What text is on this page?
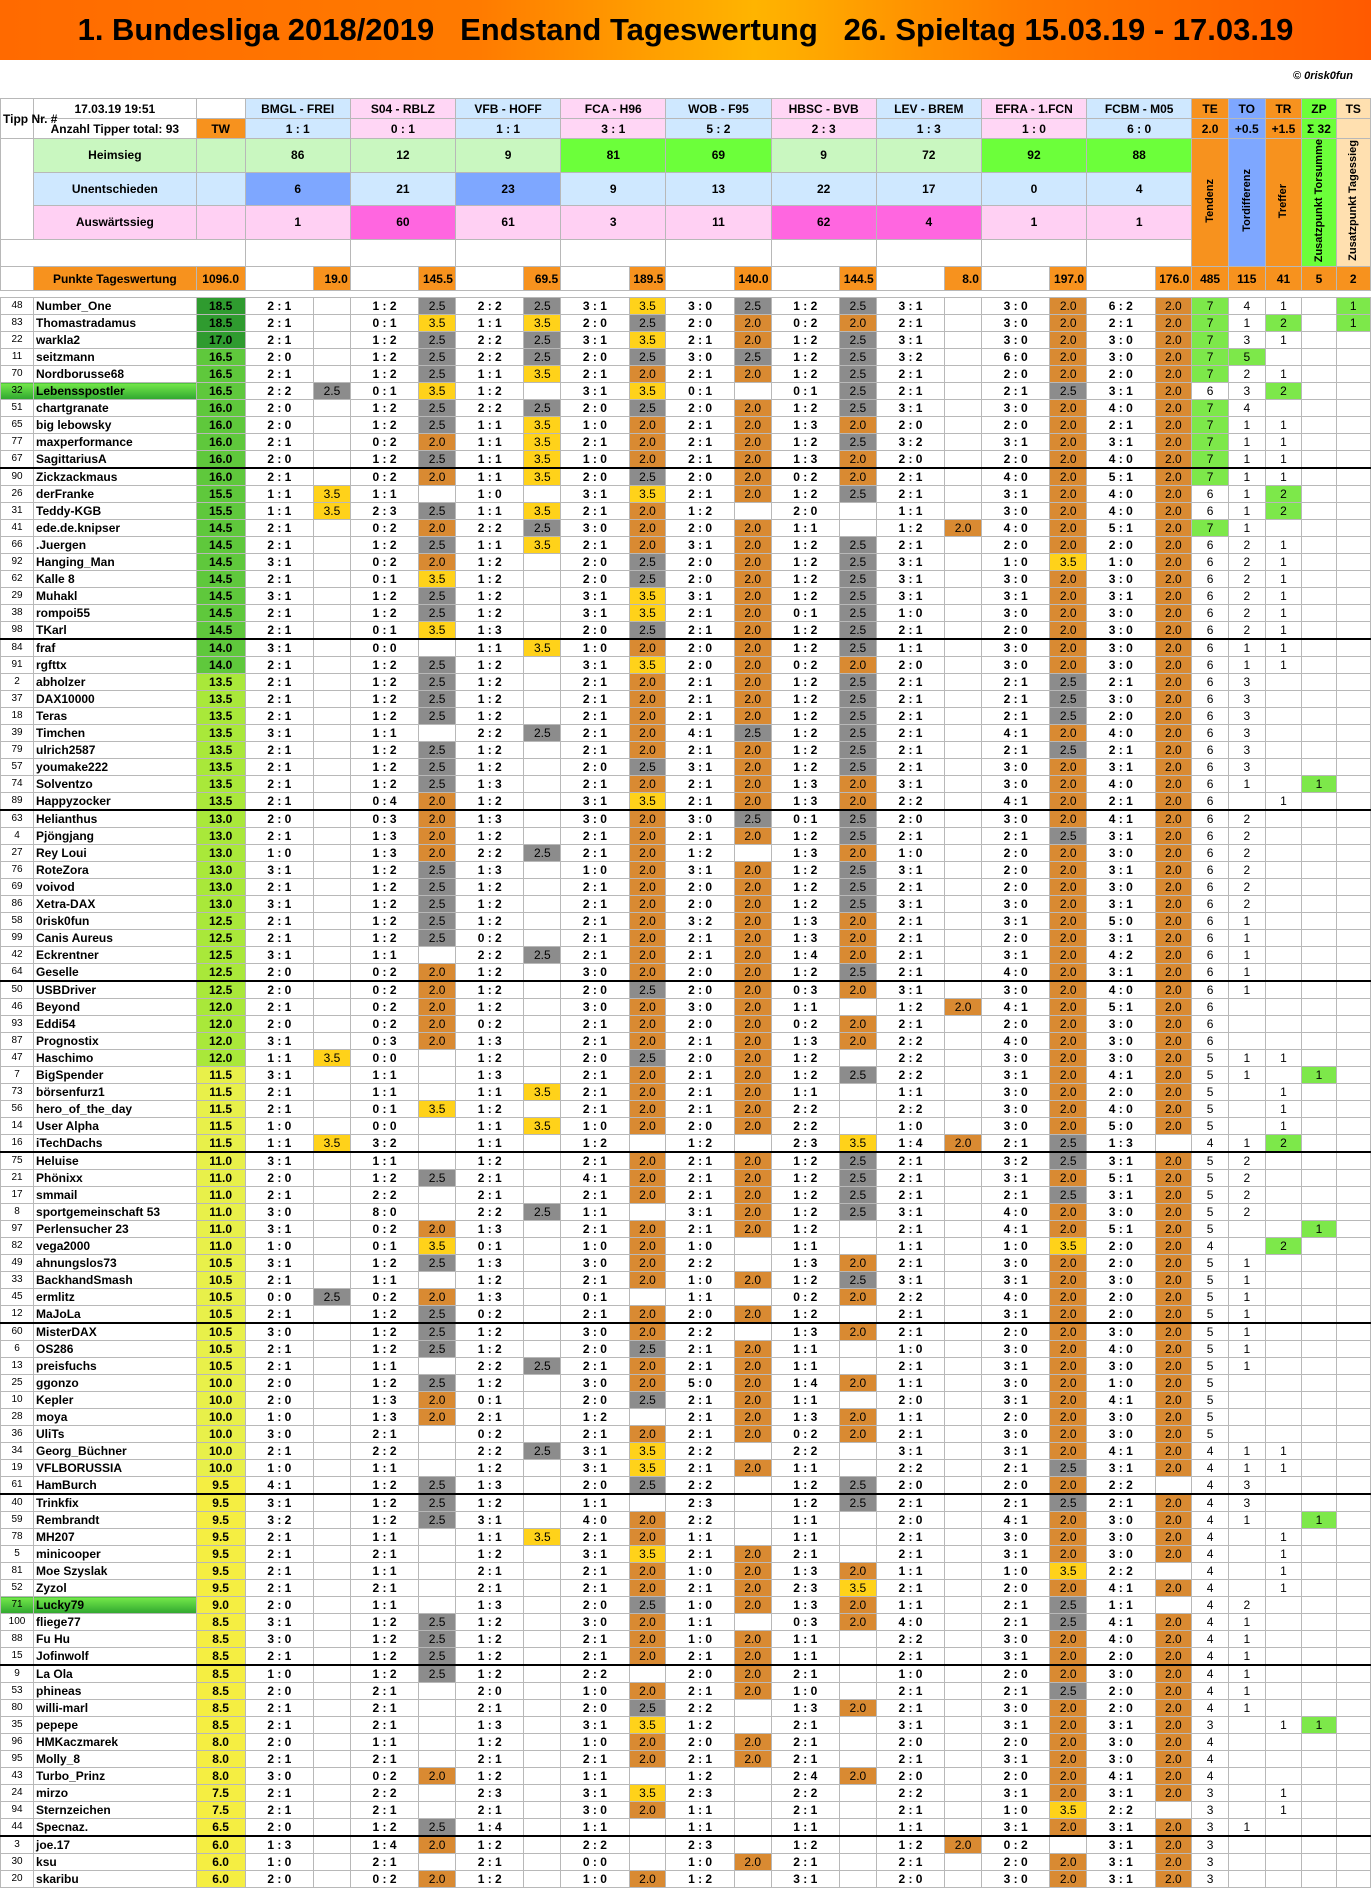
1. Bundesliga 2018/2019   Endstand Tageswertung   26. Spieltag 15.03.19 - 17.03.19
© 0risk0fun
Tipp Nr. #	17.03.19 19:51		BMGL - FREI		S04 - RBLZ		VFB - HOFF		FCA - H96		WOB - F95		HBSC - BVB		LEV - BREM		EFRA - 1.FCN		FCBM - M05		TE	TO	TR	ZP	TS
	Anzahl Tipper total: 93	TW	1 : 1		0 : 1		1 : 1		3 : 1		5 : 2		2 : 3		1 : 3		1 : 0		6 : 0		2.0	+0.5	+1.5	Σ 32	
	Heimsieg		86		12		9		81		69		9		72		92		88		Tendenz	Tordifferenz	Treffer	Zusatzpunkt Torsumme	Zusatzpunkt Tagessieg
	Unentschieden		6		21		23		9		13		22		17		0		4						
	Auswärtssieg		1		60		61		3		11		62		4		1		1						

	Punkte Tageswertung	1096.0		19.0		145.5		69.5		189.5		140.0		144.5		8.0		197.0		176.0	485	115	41	5	2

48	Number_One	18.5	2 : 1		1 : 2	2.5	2 : 2	2.5	3 : 1	3.5	3 : 0	2.5	1 : 2	2.5	3 : 1		3 : 0	2.0	6 : 2	2.0	7	4	1		1
83	Thomastradamus	18.5	2 : 1		0 : 1	3.5	1 : 1	3.5	2 : 0	2.5	2 : 0	2.0	0 : 2	2.0	2 : 1		3 : 0	2.0	2 : 1	2.0	7	1	2		1
22	warkla2	17.0	2 : 1		1 : 2	2.5	2 : 2	2.5	3 : 1	3.5	2 : 1	2.0	1 : 2	2.5	3 : 1		3 : 0	2.0	3 : 0	2.0	7	3	1		
11	seitzmann	16.5	2 : 0		1 : 2	2.5	2 : 2	2.5	2 : 0	2.5	3 : 0	2.5	1 : 2	2.5	3 : 2		6 : 0	2.0	3 : 0	2.0	7	5			
70	Nordborusse68	16.5	2 : 1		1 : 2	2.5	1 : 1	3.5	2 : 1	2.0	2 : 1	2.0	1 : 2	2.5	2 : 1		2 : 0	2.0	2 : 0	2.0	7	2	1		
32	Lebensspostler	16.5	2 : 2	2.5	0 : 1	3.5	1 : 2		3 : 1	3.5	0 : 1		0 : 1	2.5	2 : 1		2 : 1	2.5	3 : 1	2.0	6	3	2		
51	chartgranate	16.0	2 : 0		1 : 2	2.5	2 : 2	2.5	2 : 0	2.5	2 : 0	2.0	1 : 2	2.5	3 : 1		3 : 0	2.0	4 : 0	2.0	7	4			
65	big lebowsky	16.0	2 : 0		1 : 2	2.5	1 : 1	3.5	1 : 0	2.0	2 : 1	2.0	1 : 3	2.0	2 : 0		2 : 0	2.0	2 : 1	2.0	7	1	1		
77	maxperformance	16.0	2 : 1		0 : 2	2.0	1 : 1	3.5	2 : 1	2.0	2 : 1	2.0	1 : 2	2.5	3 : 2		3 : 1	2.0	3 : 1	2.0	7	1	1		
67	SagittariusA	16.0	2 : 0		1 : 2	2.5	1 : 1	3.5	1 : 0	2.0	2 : 1	2.0	1 : 3	2.0	2 : 0		2 : 0	2.0	4 : 0	2.0	7	1	1		
90	Zickzackmaus	16.0	2 : 1		0 : 2	2.0	1 : 1	3.5	2 : 0	2.5	2 : 0	2.0	0 : 2	2.0	2 : 1		4 : 0	2.0	5 : 1	2.0	7	1	1		
26	derFranke	15.5	1 : 1	3.5	1 : 1		1 : 0		3 : 1	3.5	2 : 1	2.0	1 : 2	2.5	2 : 1		3 : 1	2.0	4 : 0	2.0	6	1	2		
31	Teddy-KGB	15.5	1 : 1	3.5	2 : 3	2.5	1 : 1	3.5	2 : 1	2.0	1 : 2		2 : 0		1 : 1		3 : 0	2.0	4 : 0	2.0	6	1	2		
41	ede.de.knipser	14.5	2 : 1		0 : 2	2.0	2 : 2	2.5	3 : 0	2.0	2 : 0	2.0	1 : 1		1 : 2	2.0	4 : 0	2.0	5 : 1	2.0	7	1			
66	.Juergen	14.5	2 : 1		1 : 2	2.5	1 : 1	3.5	2 : 1	2.0	3 : 1	2.0	1 : 2	2.5	2 : 1		2 : 0	2.0	2 : 0	2.0	6	2	1		
92	Hanging_Man	14.5	3 : 1		0 : 2	2.0	1 : 2		2 : 0	2.5	2 : 0	2.0	1 : 2	2.5	3 : 1		1 : 0	3.5	1 : 0	2.0	6	2	1		
62	Kalle 8	14.5	2 : 1		0 : 1	3.5	1 : 2		2 : 0	2.5	2 : 0	2.0	1 : 2	2.5	3 : 1		3 : 0	2.0	3 : 0	2.0	6	2	1		
29	Muhakl	14.5	3 : 1		1 : 2	2.5	1 : 2		3 : 1	3.5	3 : 1	2.0	1 : 2	2.5	3 : 1		3 : 1	2.0	3 : 1	2.0	6	2	1		
38	rompoi55	14.5	2 : 1		1 : 2	2.5	1 : 2		3 : 1	3.5	2 : 1	2.0	0 : 1	2.5	1 : 0		3 : 0	2.0	3 : 0	2.0	6	2	1		
98	TKarl	14.5	2 : 1		0 : 1	3.5	1 : 3		2 : 0	2.5	2 : 1	2.0	1 : 2	2.5	2 : 1		2 : 0	2.0	3 : 0	2.0	6	2	1		
84	fraf	14.0	3 : 1		0 : 0		1 : 1	3.5	1 : 0	2.0	2 : 0	2.0	1 : 2	2.5	1 : 1		3 : 0	2.0	3 : 0	2.0	6	1	1		
91	rgfttx	14.0	2 : 1		1 : 2	2.5	1 : 2		3 : 1	3.5	2 : 0	2.0	0 : 2	2.0	2 : 0		3 : 0	2.0	3 : 0	2.0	6	1	1		
2	abholzer	13.5	2 : 1		1 : 2	2.5	1 : 2		2 : 1	2.0	2 : 1	2.0	1 : 2	2.5	2 : 1		2 : 1	2.5	2 : 1	2.0	6	3			
37	DAX10000	13.5	2 : 1		1 : 2	2.5	1 : 2		2 : 1	2.0	2 : 1	2.0	1 : 2	2.5	2 : 1		2 : 1	2.5	3 : 0	2.0	6	3			
18	Teras	13.5	2 : 1		1 : 2	2.5	1 : 2		2 : 1	2.0	2 : 1	2.0	1 : 2	2.5	2 : 1		2 : 1	2.5	2 : 0	2.0	6	3			
39	Timchen	13.5	3 : 1		1 : 1		2 : 2	2.5	2 : 1	2.0	4 : 1	2.5	1 : 2	2.5	2 : 1		4 : 1	2.0	4 : 0	2.0	6	3			
79	ulrich2587	13.5	2 : 1		1 : 2	2.5	1 : 2		2 : 1	2.0	2 : 1	2.0	1 : 2	2.5	2 : 1		2 : 1	2.5	2 : 1	2.0	6	3			
57	youmake222	13.5	2 : 1		1 : 2	2.5	1 : 2		2 : 0	2.5	3 : 1	2.0	1 : 2	2.5	2 : 1		3 : 0	2.0	3 : 1	2.0	6	3			
74	Solventzo	13.5	2 : 1		1 : 2	2.5	1 : 3		2 : 1	2.0	2 : 1	2.0	1 : 3	2.0	3 : 1		3 : 0	2.0	4 : 0	2.0	6	1		1	
89	Happyzocker	13.5	2 : 1		0 : 4	2.0	1 : 2		3 : 1	3.5	2 : 1	2.0	1 : 3	2.0	2 : 2		4 : 1	2.0	2 : 1	2.0	6		1		
63	Helianthus	13.0	2 : 0		0 : 3	2.0	1 : 3		3 : 0	2.0	3 : 0	2.5	0 : 1	2.5	2 : 0		3 : 0	2.0	4 : 1	2.0	6	2			
4	Pjöngjang	13.0	2 : 1		1 : 3	2.0	1 : 2		2 : 1	2.0	2 : 1	2.0	1 : 2	2.5	2 : 1		2 : 1	2.5	3 : 1	2.0	6	2			
27	Rey Loui	13.0	1 : 0		1 : 3	2.0	2 : 2	2.5	2 : 1	2.0	1 : 2		1 : 3	2.0	1 : 0		2 : 0	2.0	3 : 0	2.0	6	2			
76	RoteZora	13.0	3 : 1		1 : 2	2.5	1 : 3		1 : 0	2.0	3 : 1	2.0	1 : 2	2.5	3 : 1		2 : 0	2.0	3 : 1	2.0	6	2			
69	voivod	13.0	2 : 1		1 : 2	2.5	1 : 2		2 : 1	2.0	2 : 0	2.0	1 : 2	2.5	2 : 1		2 : 0	2.0	3 : 0	2.0	6	2			
86	Xetra-DAX	13.0	3 : 1		1 : 2	2.5	1 : 2		2 : 1	2.0	2 : 0	2.0	1 : 2	2.5	3 : 1		3 : 0	2.0	3 : 1	2.0	6	2			
58	0risk0fun	12.5	2 : 1		1 : 2	2.5	1 : 2		2 : 1	2.0	3 : 2	2.0	1 : 3	2.0	2 : 1		3 : 1	2.0	5 : 0	2.0	6	1			
99	Canis Aureus	12.5	2 : 1		1 : 2	2.5	0 : 2		2 : 1	2.0	2 : 1	2.0	1 : 3	2.0	2 : 1		2 : 0	2.0	3 : 1	2.0	6	1			
42	Eckrentner	12.5	3 : 1		1 : 1		2 : 2	2.5	2 : 1	2.0	2 : 1	2.0	1 : 4	2.0	2 : 1		3 : 1	2.0	4 : 2	2.0	6	1			
64	Geselle	12.5	2 : 0		0 : 2	2.0	1 : 2		3 : 0	2.0	2 : 0	2.0	1 : 2	2.5	2 : 1		4 : 0	2.0	3 : 1	2.0	6	1			
50	USBDriver	12.5	2 : 0		0 : 2	2.0	1 : 2		2 : 0	2.5	2 : 0	2.0	0 : 3	2.0	3 : 1		3 : 0	2.0	4 : 0	2.0	6	1			
46	Beyond	12.0	2 : 1		0 : 2	2.0	1 : 2		3 : 0	2.0	3 : 0	2.0	1 : 1		1 : 2	2.0	4 : 1	2.0	5 : 1	2.0	6				
93	Eddi54	12.0	2 : 0		0 : 2	2.0	0 : 2		2 : 1	2.0	2 : 0	2.0	0 : 2	2.0	2 : 1		2 : 0	2.0	3 : 0	2.0	6				
87	Prognostix	12.0	3 : 1		0 : 3	2.0	1 : 3		2 : 1	2.0	2 : 1	2.0	1 : 3	2.0	2 : 2		4 : 0	2.0	3 : 0	2.0	6				
47	Haschimo	12.0	1 : 1	3.5	0 : 0		1 : 2		2 : 0	2.5	2 : 0	2.0	1 : 2		2 : 2		3 : 0	2.0	3 : 0	2.0	5	1	1		
7	BigSpender	11.5	3 : 1		1 : 1		1 : 3		2 : 1	2.0	2 : 1	2.0	1 : 2	2.5	2 : 2		3 : 1	2.0	4 : 1	2.0	5	1		1	
73	börsenfurz1	11.5	2 : 1		1 : 1		1 : 1	3.5	2 : 1	2.0	2 : 1	2.0	1 : 1		1 : 1		3 : 0	2.0	2 : 0	2.0	5		1		
56	hero_of_the_day	11.5	2 : 1		0 : 1	3.5	1 : 2		2 : 1	2.0	2 : 1	2.0	2 : 2		2 : 2		3 : 0	2.0	4 : 0	2.0	5		1		
14	User Alpha	11.5	1 : 0		0 : 0		1 : 1	3.5	1 : 0	2.0	2 : 0	2.0	2 : 2		1 : 0		3 : 0	2.0	5 : 0	2.0	5		1		
16	iTechDachs	11.5	1 : 1	3.5	3 : 2		1 : 1		1 : 2		1 : 2		2 : 3	3.5	1 : 4	2.0	2 : 1	2.5	1 : 3		4	1	2		
75	Heluise	11.0	3 : 1		1 : 1		1 : 2		2 : 1	2.0	2 : 1	2.0	1 : 2	2.5	2 : 1		3 : 2	2.5	3 : 1	2.0	5	2			
21	Phönixx	11.0	2 : 0		1 : 2	2.5	2 : 1		4 : 1	2.0	2 : 1	2.0	1 : 2	2.5	2 : 1		3 : 1	2.0	5 : 1	2.0	5	2			
17	smmail	11.0	2 : 1		2 : 2		2 : 1		2 : 1	2.0	2 : 1	2.0	1 : 2	2.5	2 : 1		2 : 1	2.5	3 : 1	2.0	5	2			
8	sportgemeinschaft 53	11.0	3 : 0		8 : 0		2 : 2	2.5	1 : 1		3 : 1	2.0	1 : 2	2.5	3 : 1		4 : 0	2.0	3 : 0	2.0	5	2			
97	Perlensucher 23	11.0	3 : 1		0 : 2	2.0	1 : 3		2 : 1	2.0	2 : 1	2.0	1 : 2		2 : 1		4 : 1	2.0	5 : 1	2.0	5			1	
82	vega2000	11.0	1 : 0		0 : 1	3.5	0 : 1		1 : 0	2.0	1 : 0		1 : 1		1 : 1		1 : 0	3.5	2 : 0	2.0	4		2		
49	ahnungslos73	10.5	3 : 1		1 : 2	2.5	1 : 3		3 : 0	2.0	2 : 2		1 : 3	2.0	2 : 1		3 : 0	2.0	2 : 0	2.0	5	1			
33	BackhandSmash	10.5	2 : 1		1 : 1		1 : 2		2 : 1	2.0	1 : 0	2.0	1 : 2	2.5	3 : 1		3 : 1	2.0	3 : 0	2.0	5	1			
45	ermlitz	10.5	0 : 0	2.5	0 : 2	2.0	1 : 3		0 : 1		1 : 1		0 : 2	2.0	2 : 2		4 : 0	2.0	2 : 0	2.0	5	1			
12	MaJoLa	10.5	2 : 1		1 : 2	2.5	0 : 2		2 : 1	2.0	2 : 0	2.0	1 : 2		2 : 1		3 : 1	2.0	2 : 0	2.0	5	1			
60	MisterDAX	10.5	3 : 0		1 : 2	2.5	1 : 2		3 : 0	2.0	2 : 2		1 : 3	2.0	2 : 1		2 : 0	2.0	3 : 0	2.0	5	1			
6	OS286	10.5	2 : 1		1 : 2	2.5	1 : 2		2 : 0	2.5	2 : 1	2.0	1 : 1		1 : 0		3 : 0	2.0	4 : 0	2.0	5	1			
13	preisfuchs	10.5	2 : 1		1 : 1		2 : 2	2.5	2 : 1	2.0	2 : 1	2.0	1 : 1		2 : 1		3 : 1	2.0	3 : 0	2.0	5	1			
25	ggonzo	10.0	2 : 0		1 : 2	2.5	1 : 2		3 : 0	2.0	5 : 0	2.0	1 : 4	2.0	1 : 1		3 : 0	2.0	1 : 0	2.0	5				
10	Kepler	10.0	2 : 0		1 : 3	2.0	0 : 1		2 : 0	2.5	2 : 1	2.0	1 : 1		2 : 0		3 : 1	2.0	4 : 1	2.0	5				
28	moya	10.0	1 : 0		1 : 3	2.0	2 : 1		1 : 2		2 : 1	2.0	1 : 3	2.0	1 : 1		2 : 0	2.0	3 : 0	2.0	5				
36	UliTs	10.0	3 : 0		2 : 1		0 : 2		2 : 1	2.0	2 : 1	2.0	0 : 2	2.0	2 : 1		3 : 0	2.0	3 : 0	2.0	5				
34	Georg_Büchner	10.0	2 : 1		2 : 2		2 : 2	2.5	3 : 1	3.5	2 : 2		2 : 2		3 : 1		3 : 1	2.0	4 : 1	2.0	4	1	1		
19	VFLBORUSSIA	10.0	1 : 0		1 : 1		1 : 2		3 : 1	3.5	2 : 1	2.0	1 : 1		2 : 2		2 : 1	2.5	3 : 1	2.0	4	1	1		
61	HamBurch	9.5	4 : 1		1 : 2	2.5	1 : 3		2 : 0	2.5	2 : 2		1 : 2	2.5	2 : 0		2 : 0	2.0	2 : 2		4	3			
40	Trinkfix	9.5	3 : 1		1 : 2	2.5	1 : 2		1 : 1		2 : 3		1 : 2	2.5	2 : 1		2 : 1	2.5	2 : 1	2.0	4	3			
59	Rembrandt	9.5	3 : 2		1 : 2	2.5	3 : 1		4 : 0	2.0	2 : 2		1 : 1		2 : 0		4 : 1	2.0	3 : 0	2.0	4	1		1	
78	MH207	9.5	2 : 1		1 : 1		1 : 1	3.5	2 : 1	2.0	1 : 1		1 : 1		2 : 1		3 : 0	2.0	3 : 0	2.0	4		1		
5	minicooper	9.5	2 : 1		2 : 1		1 : 2		3 : 1	3.5	2 : 1	2.0	2 : 1		2 : 1		3 : 1	2.0	3 : 0	2.0	4		1		
81	Moe Szyslak	9.5	2 : 1		1 : 1		2 : 1		2 : 1	2.0	1 : 0	2.0	1 : 3	2.0	1 : 1		1 : 0	3.5	2 : 2		4		1		
52	Zyzol	9.5	2 : 1		2 : 1		2 : 1		2 : 1	2.0	2 : 1	2.0	2 : 3	3.5	2 : 1		2 : 0	2.0	4 : 1	2.0	4		1		
71	Lucky79	9.0	2 : 0		1 : 1		1 : 3		2 : 0	2.5	1 : 0	2.0	1 : 3	2.0	1 : 1		2 : 1	2.5	1 : 1		4	2			
100	fliege77	8.5	3 : 1		1 : 2	2.5	1 : 2		3 : 0	2.0	1 : 1		0 : 3	2.0	4 : 0		2 : 1	2.5	4 : 1	2.0	4	1			
88	Fu Hu	8.5	3 : 0		1 : 2	2.5	1 : 2		2 : 1	2.0	1 : 0	2.0	1 : 1		2 : 2		3 : 0	2.0	4 : 0	2.0	4	1			
15	Jofinwolf	8.5	2 : 1		1 : 2	2.5	1 : 2		2 : 1	2.0	2 : 1	2.0	1 : 1		2 : 1		3 : 1	2.0	2 : 0	2.0	4	1			
9	La Ola	8.5	1 : 0		1 : 2	2.5	1 : 2		2 : 2		2 : 0	2.0	2 : 1		1 : 0		2 : 0	2.0	3 : 0	2.0	4	1			
53	phineas	8.5	2 : 0		2 : 1		2 : 0		1 : 0	2.0	2 : 1	2.0	1 : 0		2 : 1		2 : 1	2.5	2 : 0	2.0	4	1			
80	willi-marl	8.5	2 : 1		2 : 1		2 : 1		2 : 0	2.5	2 : 2		1 : 3	2.0	2 : 1		3 : 0	2.0	2 : 0	2.0	4	1			
35	pepepe	8.5	2 : 1		2 : 1		1 : 3		3 : 1	3.5	1 : 2		2 : 1		3 : 1		3 : 1	2.0	3 : 1	2.0	3		1	1	
96	HMKaczmarek	8.0	2 : 0		1 : 1		1 : 2		1 : 0	2.0	2 : 0	2.0	2 : 1		2 : 0		2 : 0	2.0	3 : 0	2.0	4				
95	Molly_8	8.0	2 : 1		2 : 1		2 : 1		2 : 1	2.0	2 : 1	2.0	2 : 1		2 : 1		3 : 1	2.0	3 : 0	2.0	4				
43	Turbo_Prinz	8.0	3 : 0		0 : 2	2.0	1 : 2		1 : 1		1 : 2		2 : 4	2.0	2 : 0		2 : 0	2.0	4 : 1	2.0	4				
24	mirzo	7.5	2 : 1		2 : 2		2 : 3		3 : 1	3.5	2 : 3		2 : 2		2 : 2		3 : 1	2.0	3 : 1	2.0	3		1		
94	Sternzeichen	7.5	2 : 1		2 : 1		2 : 1		3 : 0	2.0	1 : 1		2 : 1		2 : 1		1 : 0	3.5	2 : 2		3		1		
44	Specnaz.	6.5	2 : 0		1 : 2	2.5	1 : 4		1 : 1		1 : 1		1 : 1		1 : 1		3 : 1	2.0	3 : 1	2.0	3	1			
3	joe.17	6.0	1 : 3		1 : 4	2.0	1 : 2		2 : 2		2 : 3		1 : 2		1 : 2	2.0	0 : 2		3 : 1	2.0	3				
30	ksu	6.0	1 : 0		2 : 1		2 : 1		0 : 0		1 : 0	2.0	2 : 1		2 : 1		2 : 0	2.0	3 : 1	2.0	3				
20	skaribu	6.0	2 : 0		0 : 2	2.0	1 : 2		1 : 0	2.0	1 : 2		3 : 1		2 : 0		3 : 0	2.0	3 : 1	2.0	3				
